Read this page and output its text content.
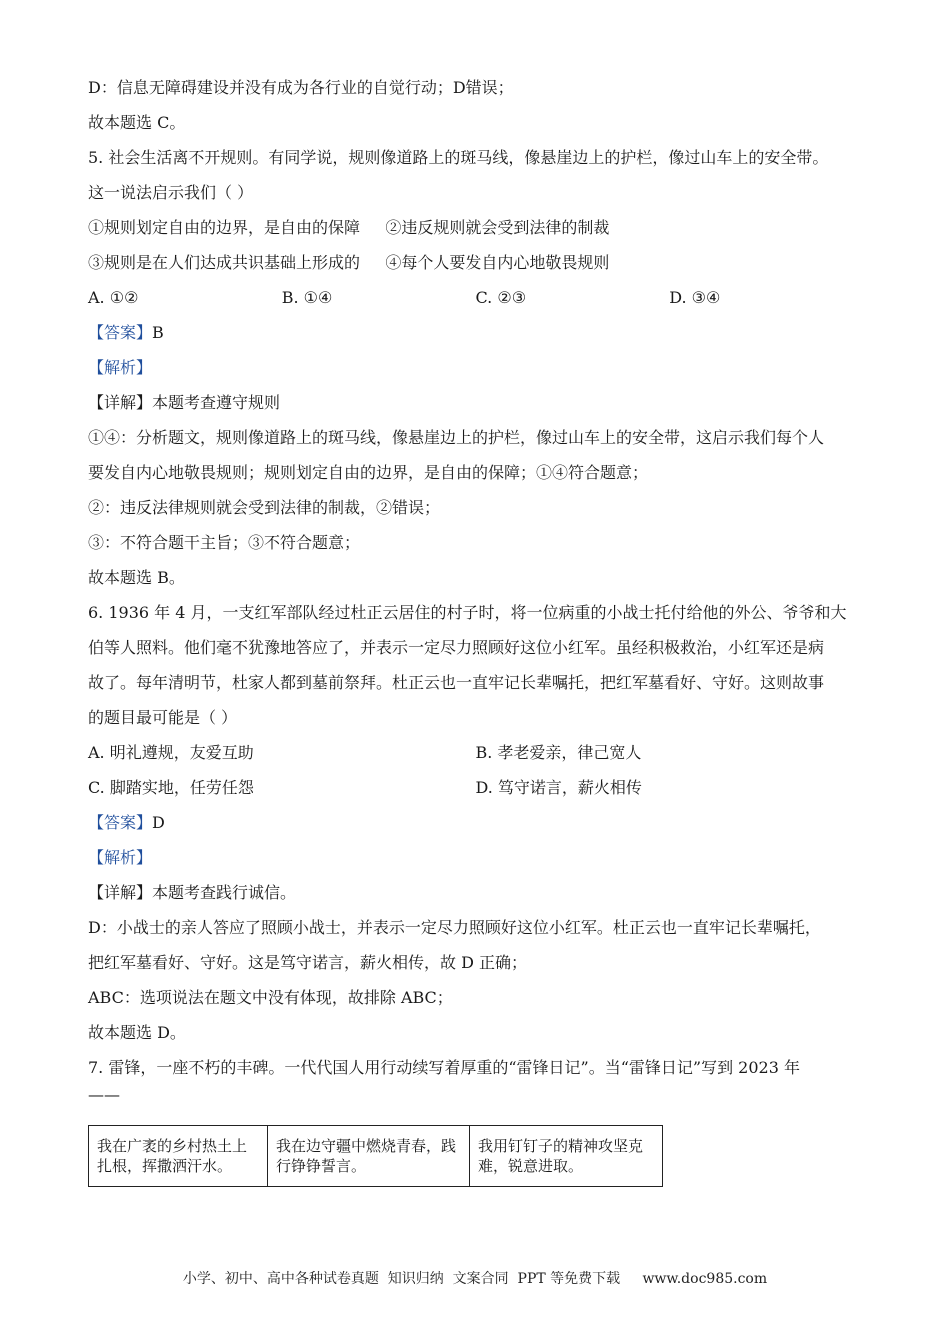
D：信息无障碍建设并没有成为各行业的自觉行动；D错误；
故本题选 C。
5. 社会生活离不开规则。有同学说，规则像道路上的斑马线，像悬崖边上的护栏，像过山车上的安全带。
这一说法启示我们（ ）
①规则划定自由的边界，是自由的保障     ②违反规则就会受到法律的制裁
③规则是在人们达成共识基础上形成的     ④每个人要发自内心地敬畏规则
A. ①②	B. ①④	C. ②③	D. ③④
【答案】B
【解析】
【详解】本题考查遵守规则
①④：分析题文，规则像道路上的斑马线，像悬崖边上的护栏，像过山车上的安全带，这启示我们每个人
要发自内心地敬畏规则；规则划定自由的边界，是自由的保障；①④符合题意；
②：违反法律规则就会受到法律的制裁，②错误；
③：不符合题干主旨；③不符合题意；
故本题选 B。
6. 1936 年 4 月，一支红军部队经过杜正云居住的村子时，将一位病重的小战士托付给他的外公、爷爷和大
伯等人照料。他们毫不犹豫地答应了，并表示一定尽力照顾好这位小红军。虽经积极救治，小红军还是病
故了。每年清明节，杜家人都到墓前祭拜。杜正云也一直牢记长辈嘱托，把红军墓看好、守好。这则故事
的题目最可能是（ ）
A. 明礼遵规，友爱互助	B. 孝老爱亲，律己宽人
C. 脚踏实地，任劳任怨	D. 笃守诺言，薪火相传
【答案】D
【解析】
【详解】本题考查践行诚信。
D：小战士的亲人答应了照顾小战士，并表示一定尽力照顾好这位小红军。杜正云也一直牢记长辈嘱托，
把红军墓看好、守好。这是笃守诺言，薪火相传，故 D 正确；
ABC：选项说法在题文中没有体现，故排除 ABC；
故本题选 D。
7. 雷锋，一座不朽的丰碑。一代代国人用行动续写着厚重的“雷锋日记”。当“雷锋日记”写到 2023 年
——
我在广袤的乡村热土上扎根，挥撒洒汗水。	我在边守疆中燃烧青春，践行铮铮誓言。	我用钉钉子的精神攻坚克难，锐意进取。
小学、初中、高中各种试卷真题  知识归纳  文案合同  PPT 等免费下载     www.doc985.com
